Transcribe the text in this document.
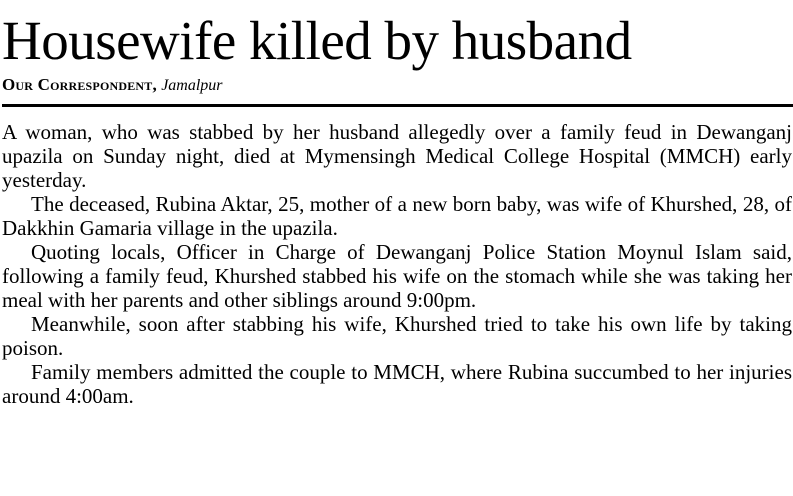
Housewife killed by husband
Our Correspondent, Jamalpur

A woman, who was stabbed by her husband allegedly over a family feud in Dewanganj upazila on Sunday night, died at Mymensingh Medical College Hospital (MMCH) early yesterday.

The deceased, Rubina Aktar, 25, mother of a new born baby, was wife of Khurshed, 28, of Dakkhin Gamaria village in the upazila.

Quoting locals, Officer in Charge of Dewanganj Police Station Moynul Islam said, following a family feud, Khurshed stabbed his wife on the stomach while she was taking her meal with her parents and other siblings around 9:00pm.

Meanwhile, soon after stabbing his wife, Khurshed tried to take his own life by taking poison.

Family members admitted the couple to MMCH, where Rubina succumbed to her injuries around 4:00am.
